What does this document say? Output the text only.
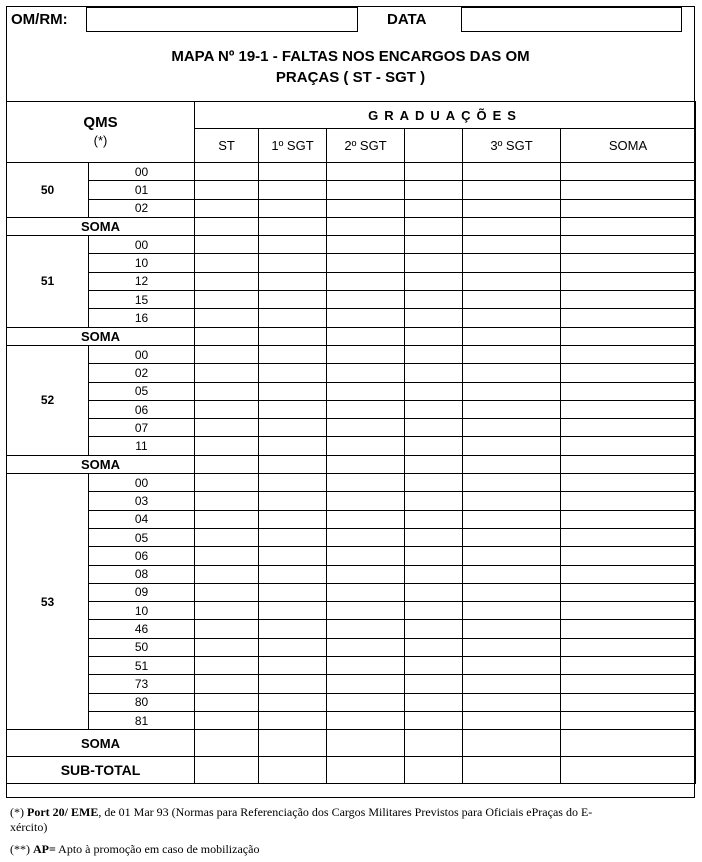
OM/RM:	DATA
MAPA Nº 19-1 - FALTAS NOS ENCARGOS DAS OM
PRAÇAS ( ST - SGT )
QMS
(*)		GRADUAÇÕES					
		ST	1º SGT	2º SGT		3º SGT	SOMA
50	00						
	01						
	02						
SOMA							
51	00						
	10						
	12						
	15						
	16						
SOMA							
52	00						
	02						
	05						
	06						
	07						
	11						
SOMA							
53	00						
	03						
	04						
	05						
	06						
	08						
	09						
	10						
	46						
	50						
	51						
	73						
	80						
	81						
SOMA							
SUB-TOTAL							
(*) Port 20/ EME, de 01 Mar 93 (Normas para Referenciação dos Cargos Militares Previstos para Oficiais ePraças do E-
xército)
(**) AP= Apto à promoção em caso de mobilização
